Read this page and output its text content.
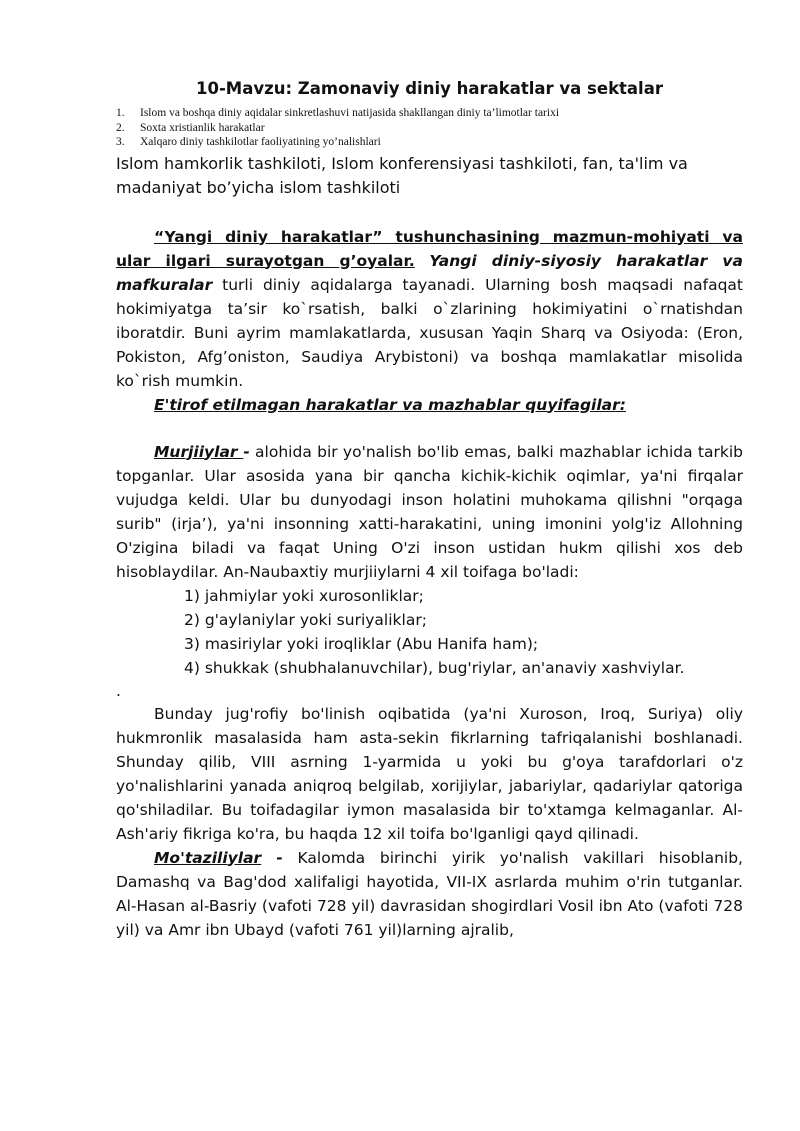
10-Mavzu: Zamonaviy diniy harakatlar va sektalar
1.	Islom va boshqa diniy aqidalar sinkretlashuvi natijasida shakllangan diniy ta’limotlar tarixi
2.	Soxta xristianlik harakatlar
3.	Xalqaro diniy tashkilotlar faoliyatining yo’nalishlari

Islom hamkorlik tashkiloti, Islom konferensiyasi tashkiloti, fan, ta'lim va madaniyat bo’yicha islom tashkiloti

“Yangi diniy harakatlar” tushunchasining mazmun-mohiyati va ular ilgari surayotgan g’oyalar. Yangi diniy-siyosiy harakatlar va mafkuralar turli diniy aqidalarga tayanadi. Ularning bosh maqsadi nafaqat hokimiyatga ta’sir ko`rsatish, balki o`zlarining hokimiyatini o`rnatishdan iboratdir. Buni ayrim mamlakatlarda, xususan Yaqin Sharq va Osiyoda: (Eron, Pokiston, Afg’oniston, Saudiya Arybistoni) va boshqa mamlakatlar misolida ko`rish mumkin.

E'tirof etilmagan harakatlar va mazhablar quyifagilar:

Murjiiylar - alohida bir yo'nalish bo'lib emas, balki mazhablar ichida tarkib topganlar. Ular asosida yana bir qancha kichik-kichik oqimlar, ya'ni firqalar vujudga keldi. Ular bu dunyodagi inson holatini muhokama qilishni "orqaga surib" (irja’), ya'ni insonning xatti-harakatini, uning imonini yolg'iz Allohning O'zigina biladi va faqat Uning O'zi inson ustidan hukm qilishi xos deb hisoblaydilar. An-Naubaxtiy murjiiylarni 4 xil toifaga bo'ladi:

1) jahmiylar yoki xurosonliklar;
2) g'aylaniylar yoki suriyaliklar;
3) masiriylar yoki iroqliklar (Abu Hanifa ham);
4) shukkak (shubhalanuvchilar), bug'riylar, an'anaviy xashviylar.

.

Bunday jug'rofiy bo'linish oqibatida (ya'ni Xuroson, Iroq, Suriya) oliy hukmronlik masalasida ham asta-sekin fikrlarning tafriqalanishi boshlanadi. Shunday qilib, VIII asrning 1-yarmida u yoki bu g'oya tarafdorlari o'z yo'nalishlarini yanada aniqroq belgilab, xorijiylar, jabariylar, qadariylar qatoriga qo'shiladilar. Bu toifadagilar iymon masalasida bir to'xtamga kelmaganlar. Al-Ash'ariy fikriga ko'ra, bu haqda 12 xil toifa bo'lganligi qayd qilinadi.

Mo'taziliylar - Kalomda birinchi yirik yo'nalish vakillari hisoblanib, Damashq va Bag'dod xalifaligi hayotida, VII-IX asrlarda muhim o'rin tutganlar. Al-Hasan al-Basriy (vafoti 728 yil) davrasidan shogirdlari Vosil ibn Ato (vafoti 728 yil) va Amr ibn Ubayd (vafoti 761 yil)larning ajralib,
